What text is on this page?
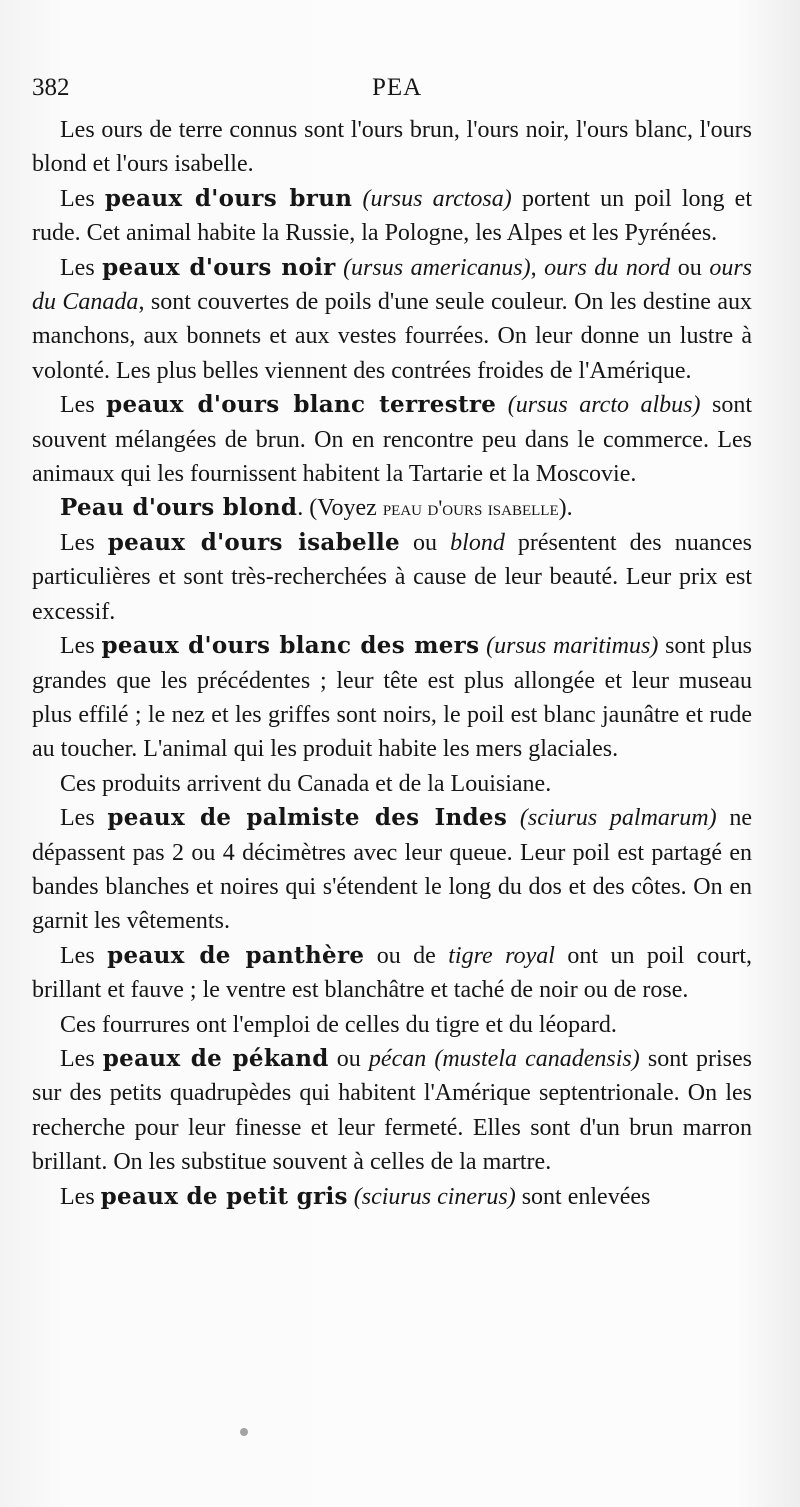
382	PEA

Les ours de terre connus sont l'ours brun, l'ours noir, l'ours blanc, l'ours blond et l'ours isabelle.

Les peaux d'ours brun (ursus arctosa) portent un poil long et rude. Cet animal habite la Russie, la Pologne, les Alpes et les Pyrénées.

Les peaux d'ours noir (ursus americanus), ours du nord ou ours du Canada, sont couvertes de poils d'une seule couleur. On les destine aux manchons, aux bonnets et aux vestes fourrées. On leur donne un lustre à volonté. Les plus belles viennent des contrées froides de l'Amérique.

Les peaux d'ours blanc terrestre (ursus arcto albus) sont souvent mélangées de brun. On en rencontre peu dans le commerce. Les animaux qui les fournissent habitent la Tartarie et la Moscovie.

Peau d'ours blond. (Voyez peau d'ours isabelle).

Les peaux d'ours isabelle ou blond présentent des nuances particulières et sont très-recherchées à cause de leur beauté. Leur prix est excessif.

Les peaux d'ours blanc des mers (ursus maritimus) sont plus grandes que les précédentes ; leur tête est plus allongée et leur museau plus effilé ; le nez et les griffes sont noirs, le poil est blanc jaunâtre et rude au toucher. L'animal qui les produit habite les mers glaciales.

Ces produits arrivent du Canada et de la Louisiane.

Les peaux de palmiste des Indes (sciurus palmarum) ne dépassent pas 2 ou 4 décimètres avec leur queue. Leur poil est partagé en bandes blanches et noires qui s'étendent le long du dos et des côtes. On en garnit les vêtements.

Les peaux de panthère ou de tigre royal ont un poil court, brillant et fauve ; le ventre est blanchâtre et taché de noir ou de rose.

Ces fourrures ont l'emploi de celles du tigre et du léopard.

Les peaux de pékand ou pécan (mustela canadensis) sont prises sur des petits quadrupèdes qui habitent l'Amérique septentrionale. On les recherche pour leur finesse et leur fermeté. Elles sont d'un brun marron brillant. On les substitue souvent à celles de la martre.

Les peaux de petit gris (sciurus cinerus) sont enlevées
